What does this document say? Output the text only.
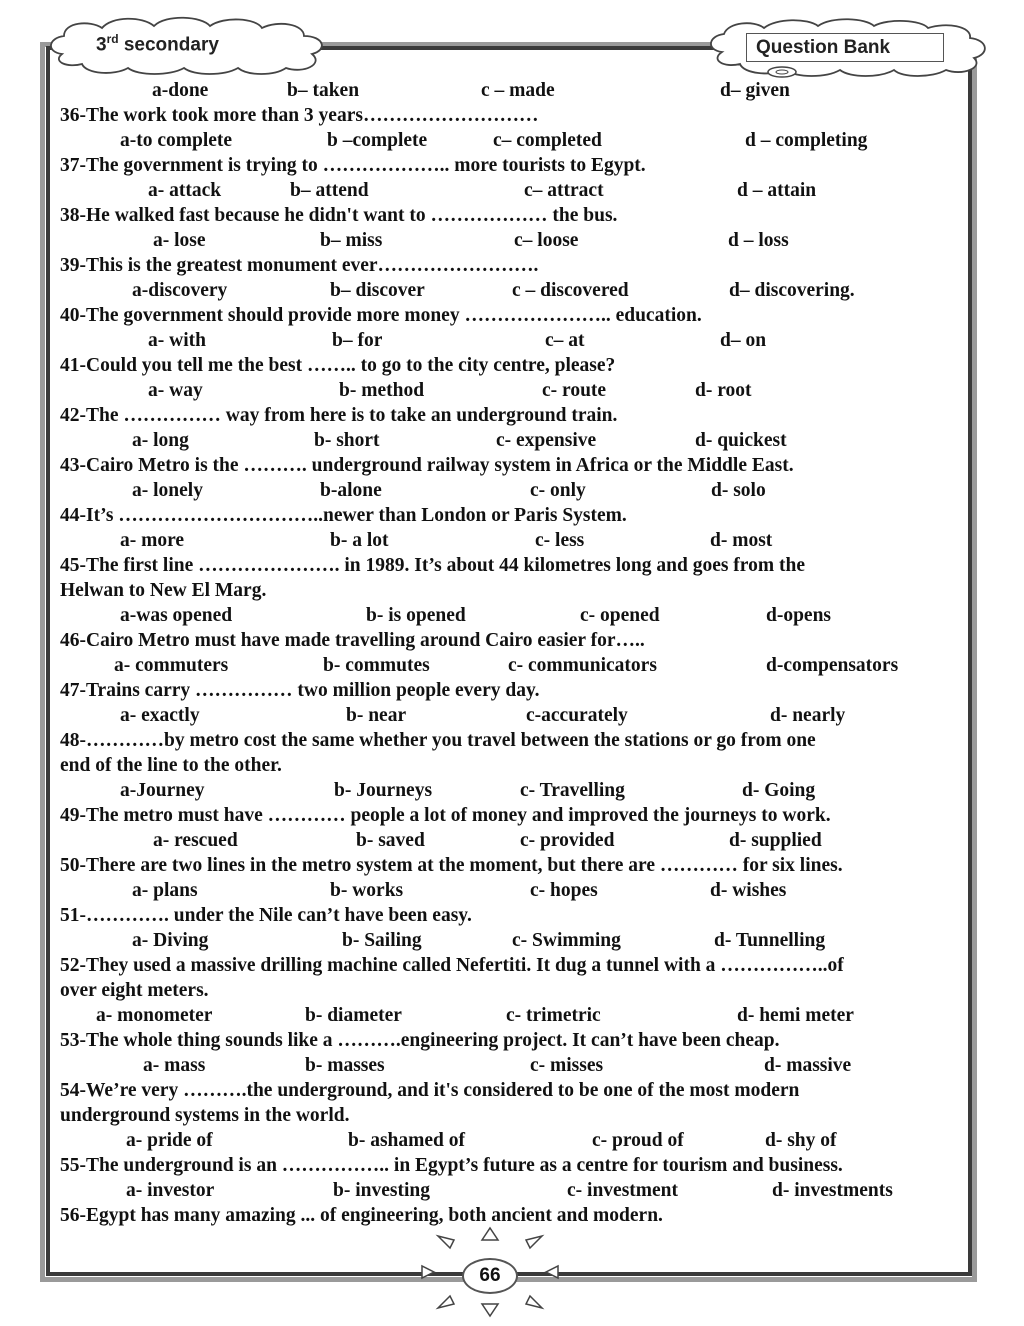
3rd secondary	Question Bank
a-done	b– taken	c – made	d– given
36-The work took more than 3 years………………………
a-to complete	b –complete	c– completed	d – completing
37-The government is trying to ……………….. more tourists to Egypt.
a- attack	b– attend	c– attract	d – attain
38-He walked fast because he didn't want to ……………… the bus.
a- lose	b– miss	c– loose	d – loss
39-This is the greatest monument ever…………………….
a-discovery	b– discover	c – discovered	d– discovering.
40-The government should provide more money ………………….. education.
a- with	b– for	c– at	d– on
41-Could you tell me the best …….. to go to the city centre, please?
a- way	b- method	c- route	d- root
42-The …………… way from here is to take an underground train.
a- long	b- short	c- expensive	d- quickest
43-Cairo Metro is the ………. underground railway system in Africa or the Middle East.
a- lonely	b-alone	c- only	d- solo
44-It’s …………………………..newer than London or Paris System.
a- more	b- a lot	c- less	d- most
45-The first line …………………. in 1989. It’s about 44 kilometres long and goes from the
Helwan to New El Marg.
a-was opened	b- is opened	c- opened	d-opens
46-Cairo Metro must have made travelling around Cairo easier for…..
a- commuters	b- commutes	c- communicators	d-compensators
47-Trains carry …………… two million people every day.
a- exactly	b- near	c-accurately	d- nearly
48-…………by metro cost the same whether you travel between the stations or go from one
end of the line to the other.
a-Journey	b- Journeys	c- Travelling	d- Going
49-The metro must have ………… people a lot of money and improved the journeys to work.
a- rescued	b- saved	c- provided	d- supplied
50-There are two lines in the metro system at the moment, but there are ………… for six lines.
a- plans	b- works	c- hopes	d- wishes
51-…………. under the Nile can’t have been easy.
a- Diving	b- Sailing	c- Swimming	d- Tunnelling
52-They used a massive drilling machine called Nefertiti. It dug a tunnel with a ……………..of
over eight meters.
a- monometer	b- diameter	c- trimetric	d- hemi meter
53-The whole thing sounds like a ……….engineering project. It can’t have been cheap.
a- mass	b- masses	c- misses	d- massive
54-We’re very ……….the underground, and it's considered to be one of the most modern
underground systems in the world.
a- pride of	b- ashamed of	c- proud of	d- shy of
55-The underground is an …………….. in Egypt’s future as a centre for tourism and business.
a- investor	b- investing	c- investment	d- investments
56-Egypt has many amazing ... of engineering, both ancient and modern.
66
